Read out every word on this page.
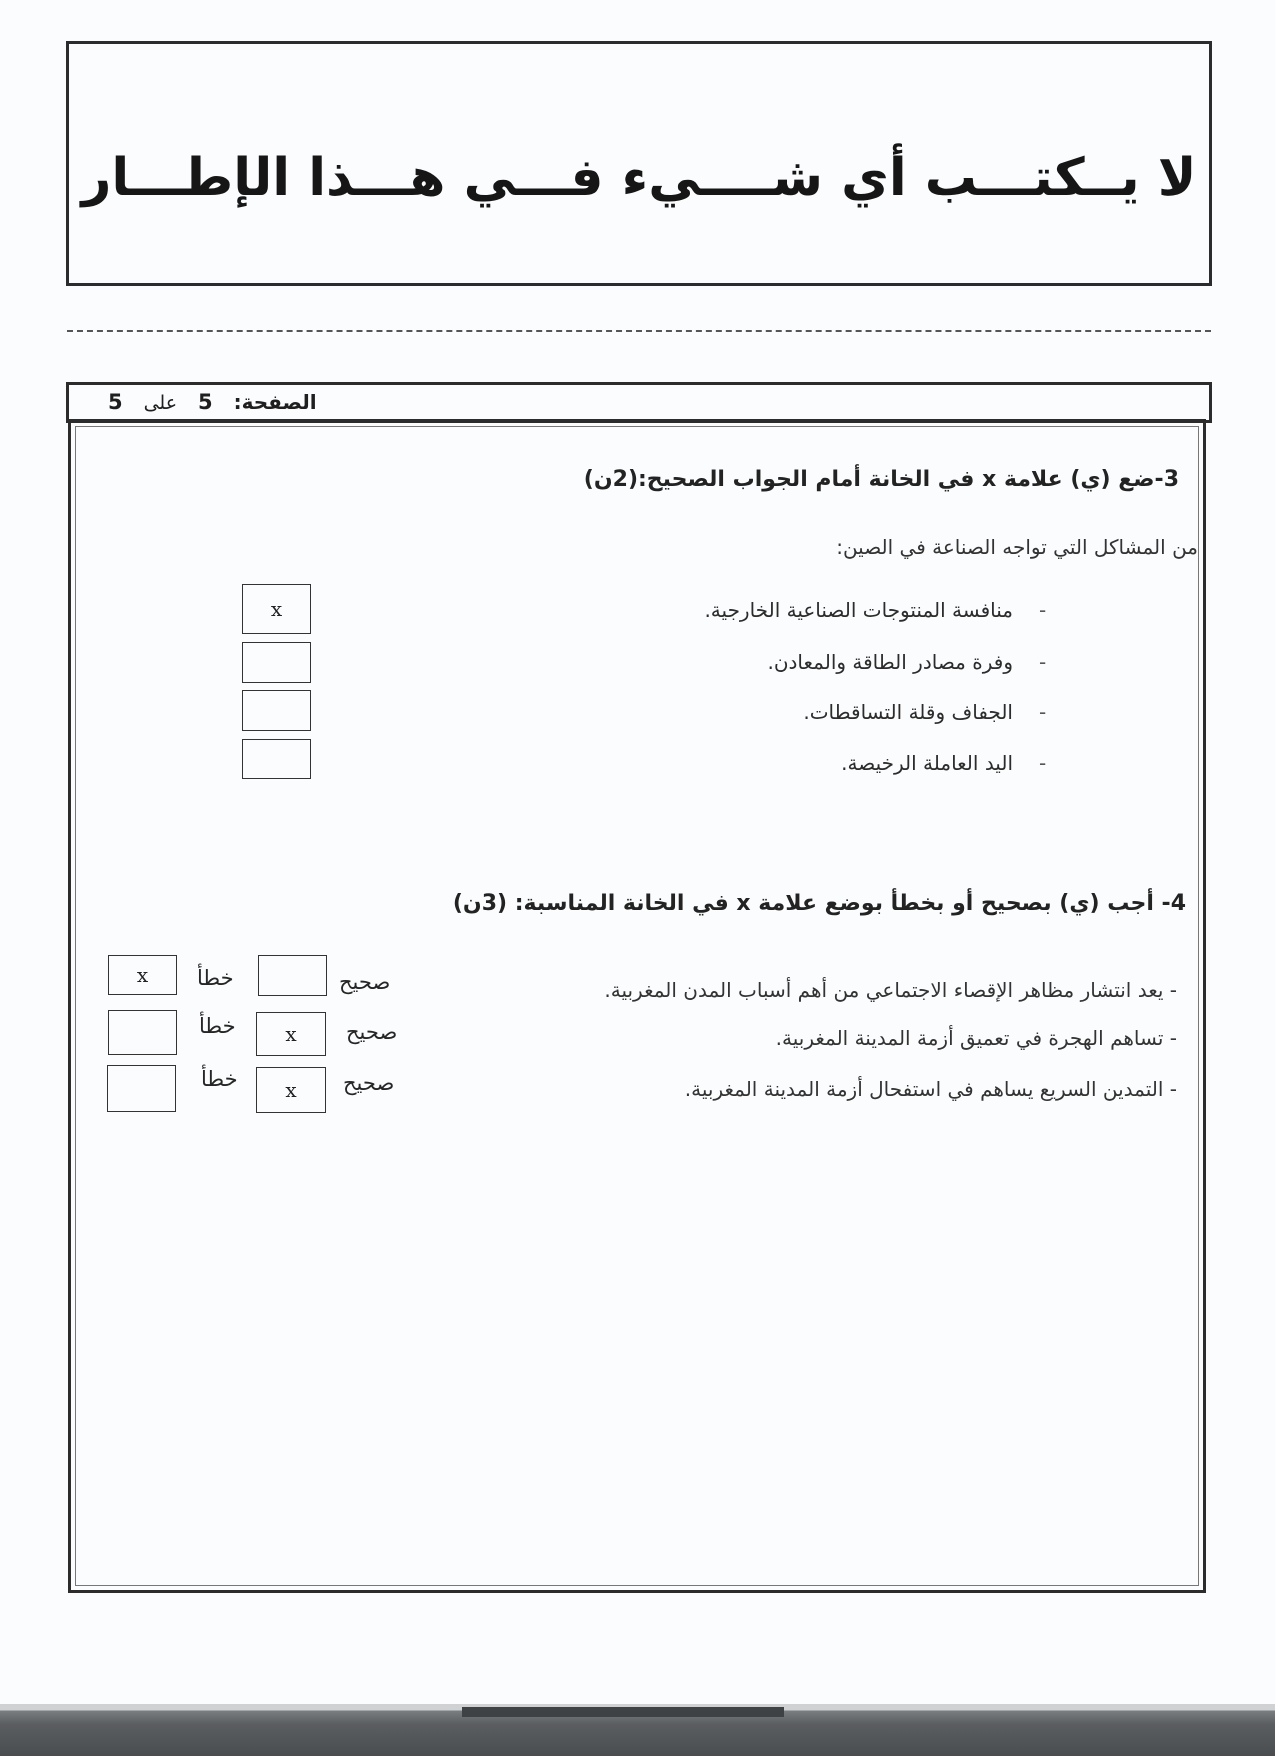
لا يــكتـــب أي شــــيء فـــي هـــذا الإطـــار
الصفحة: 5 على 5
3-ضع (ي) علامة x في الخانة أمام الجواب الصحيح:(2ن)
من المشاكل التي تواجه الصناعة في الصين:
منافسة المنتوجات الصناعية الخارجية. -
x
وفرة مصادر الطاقة والمعادن. -
الجفاف وقلة التساقطات. -
اليد العاملة الرخيصة. -
4- أجب (ي) بصحيح أو بخطأ بوضع علامة x في الخانة المناسبة: (3ن)
- يعد انتشار مظاهر الإقصاء الاجتماعي من أهم أسباب المدن المغربية.
صحيح
خطأ
x
- تساهم الهجرة في تعميق أزمة المدينة المغربية.
صحيح
x
خطأ
- التمدين السريع يساهم في استفحال أزمة المدينة المغربية.
صحيح
x
خطأ
